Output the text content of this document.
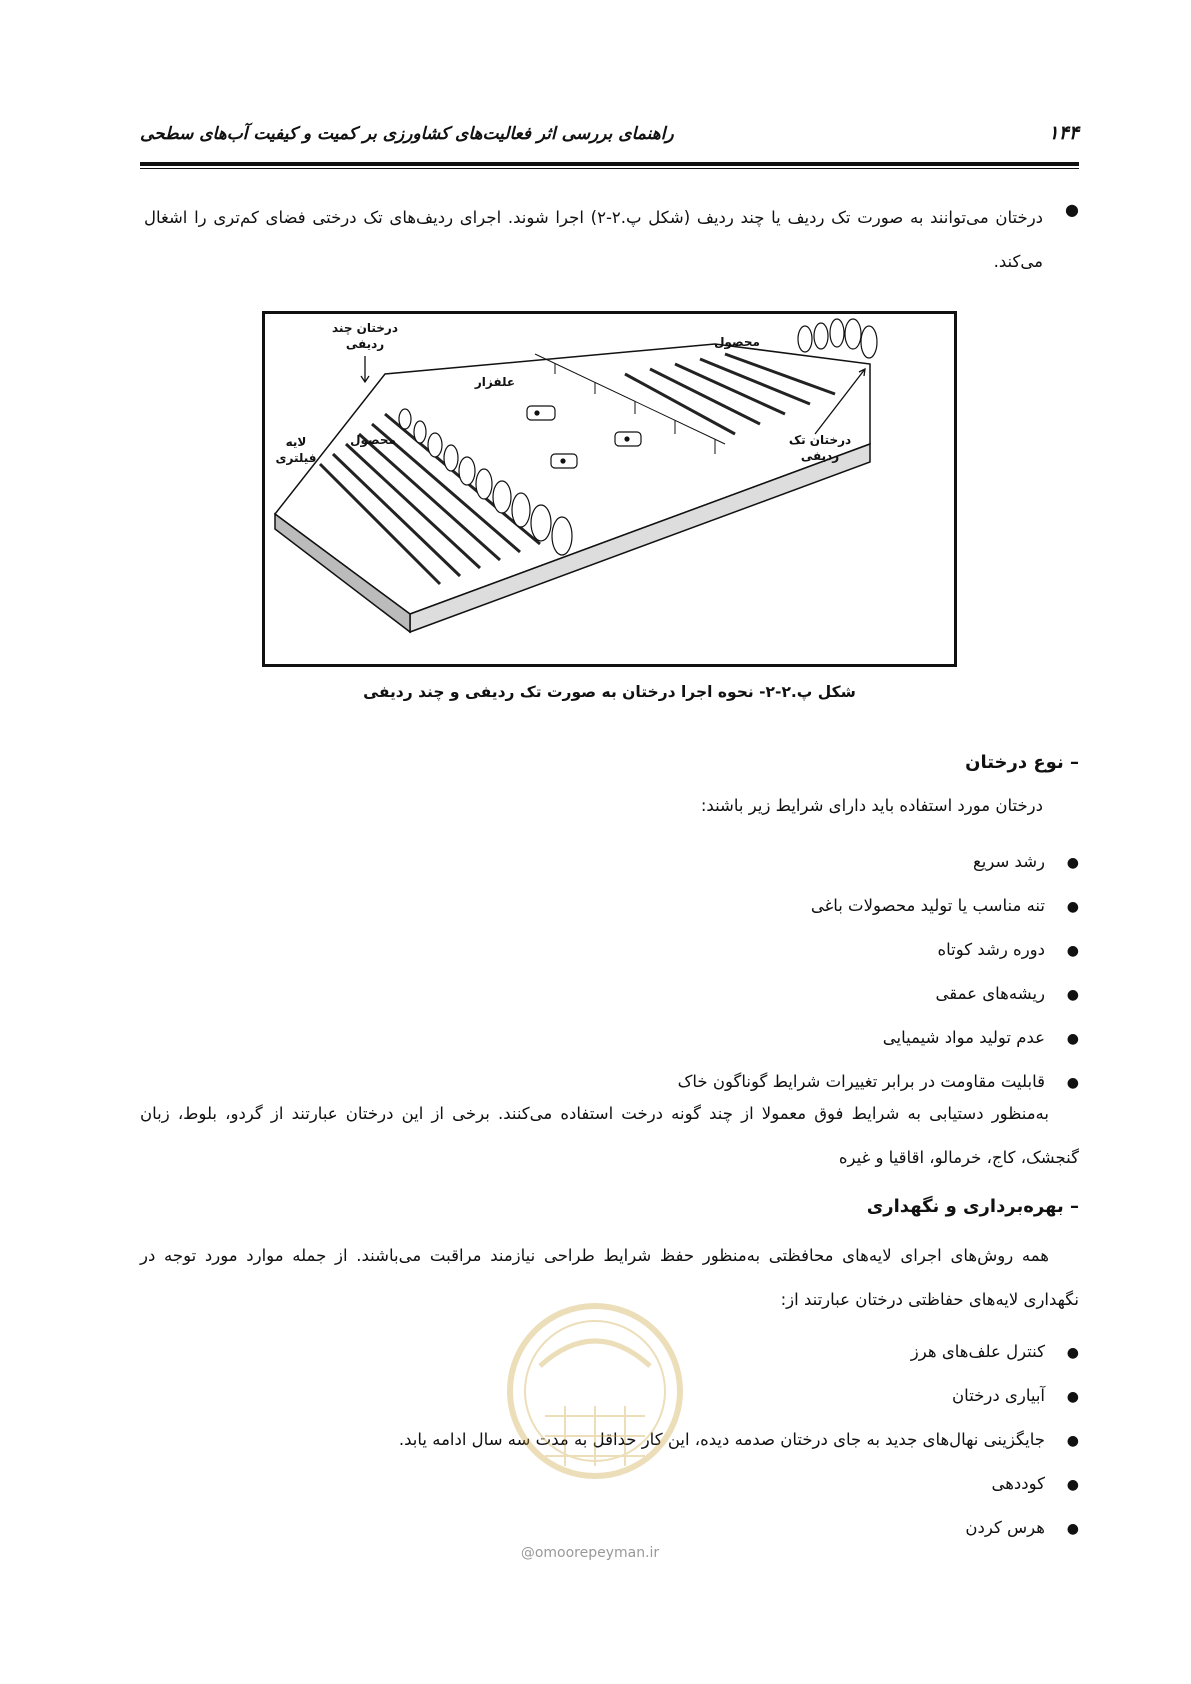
راهنمای بررسی اثر فعالیت‌های کشاورزی بر کمیت و کیفیت آب‌های سطحی	۱۴۴
●
درختان می‌توانند به صورت تک ردیف یا چند ردیف (شکل پ.۲-۲) اجرا شوند. اجرای ردیف‌های تک درختی فضای کم‌تری را اشغال می‌کند.
درختان چند ردیفی
علفزار
محصول
محصول
لایه فیلتری
درختان تک ردیفی
شکل پ.۲-۲- نحوه اجرا درختان به صورت تک ردیفی و چند ردیفی
– نوع درختان
درختان مورد استفاده باید دارای شرایط زیر باشند:
●رشد سریع
●تنه مناسب یا تولید محصولات باغی
●دوره رشد کوتاه
●ریشه‌های عمقی
●عدم تولید مواد شیمیایی
●قابلیت مقاومت در برابر تغییرات شرایط گوناگون خاک
به‌منظور دستیابی به شرایط فوق معمولا از چند گونه درخت استفاده می‌کنند. برخی از این درختان عبارتند از گردو، بلوط، زبان گنجشک، کاج، خرمالو، اقاقیا و غیره
– بهره‌برداری و نگهداری
همه روش‌های اجرای لایه‌های محافظتی به‌منظور حفظ شرایط طراحی نیازمند مراقبت می‌باشند. از جمله موارد مورد توجه در نگهداری لایه‌های حفاظتی درختان عبارتند از:
●کنترل علف‌های هرز
●آبیاری درختان
●جایگزینی نهال‌های جدید به جای درختان صدمه دیده، این کار حداقل به مدت سه سال ادامه یابد.
●کوددهی
●هرس کردن
@omoorepeyman.ir
